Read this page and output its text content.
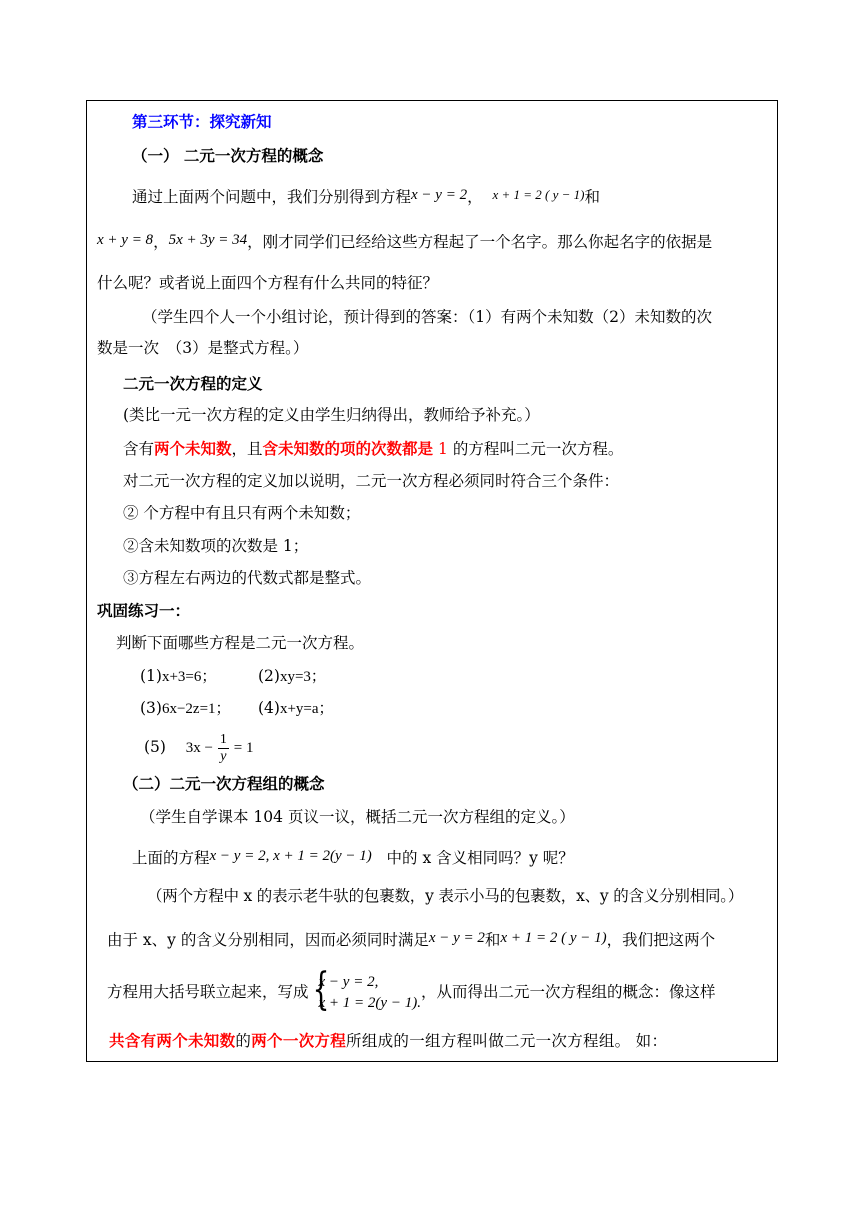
第三环节：探究新知
（一） 二元一次方程的概念
通过上面两个问题中，我们分别得到方程x − y = 2， x + 1 = 2 ( y − 1)和
x + y = 8，5x + 3y = 34，刚才同学们已经给这些方程起了一个名字。那么你起名字的依据是
什么呢？或者说上面四个方程有什么共同的特征？
（学生四个人一个小组讨论，预计得到的答案：（1）有两个未知数（2）未知数的次
数是一次　（3）是整式方程。）
二元一次方程的定义
(类比一元一次方程的定义由学生归纳得出，教师给予补充。）
含有两个未知数，且含未知数的项的次数都是 1 的方程叫二元一次方程。
对二元一次方程的定义加以说明，二元一次方程必须同时符合三个条件：
② 个方程中有且只有两个未知数；
②含未知数项的次数是 1；
③方程左右两边的代数式都是整式。
巩固练习一：
判断下面哪些方程是二元一次方程。
(1)x+3=6；	(2)xy=3；
(3)6x−2z=1； (4)x+y=a；
(5) $3x - \frac{1}{y} = 1$
（二）二元一次方程组的概念
（学生自学课本 104 页议一议，概括二元一次方程组的定义。）
上面的方程x − y = 2, x + 1 = 2(y − 1) 中的 x 含义相同吗？y 呢？
（两个方程中 x 的表示老牛驮的包裹数，y 表示小马的包裹数，x、y 的含义分别相同。）
由于 x、y 的含义分别相同，因而必须同时满足x − y = 2和x + 1 = 2 ( y − 1)，我们把这两个
方程用大括号联立起来，写成 {
x − y = 2,
x + 1 = 2(y − 1).
，从而得出二元一次方程组的概念：像这样
共含有两个未知数的两个一次方程所组成的一组方程叫做二元一次方程组。 如：
